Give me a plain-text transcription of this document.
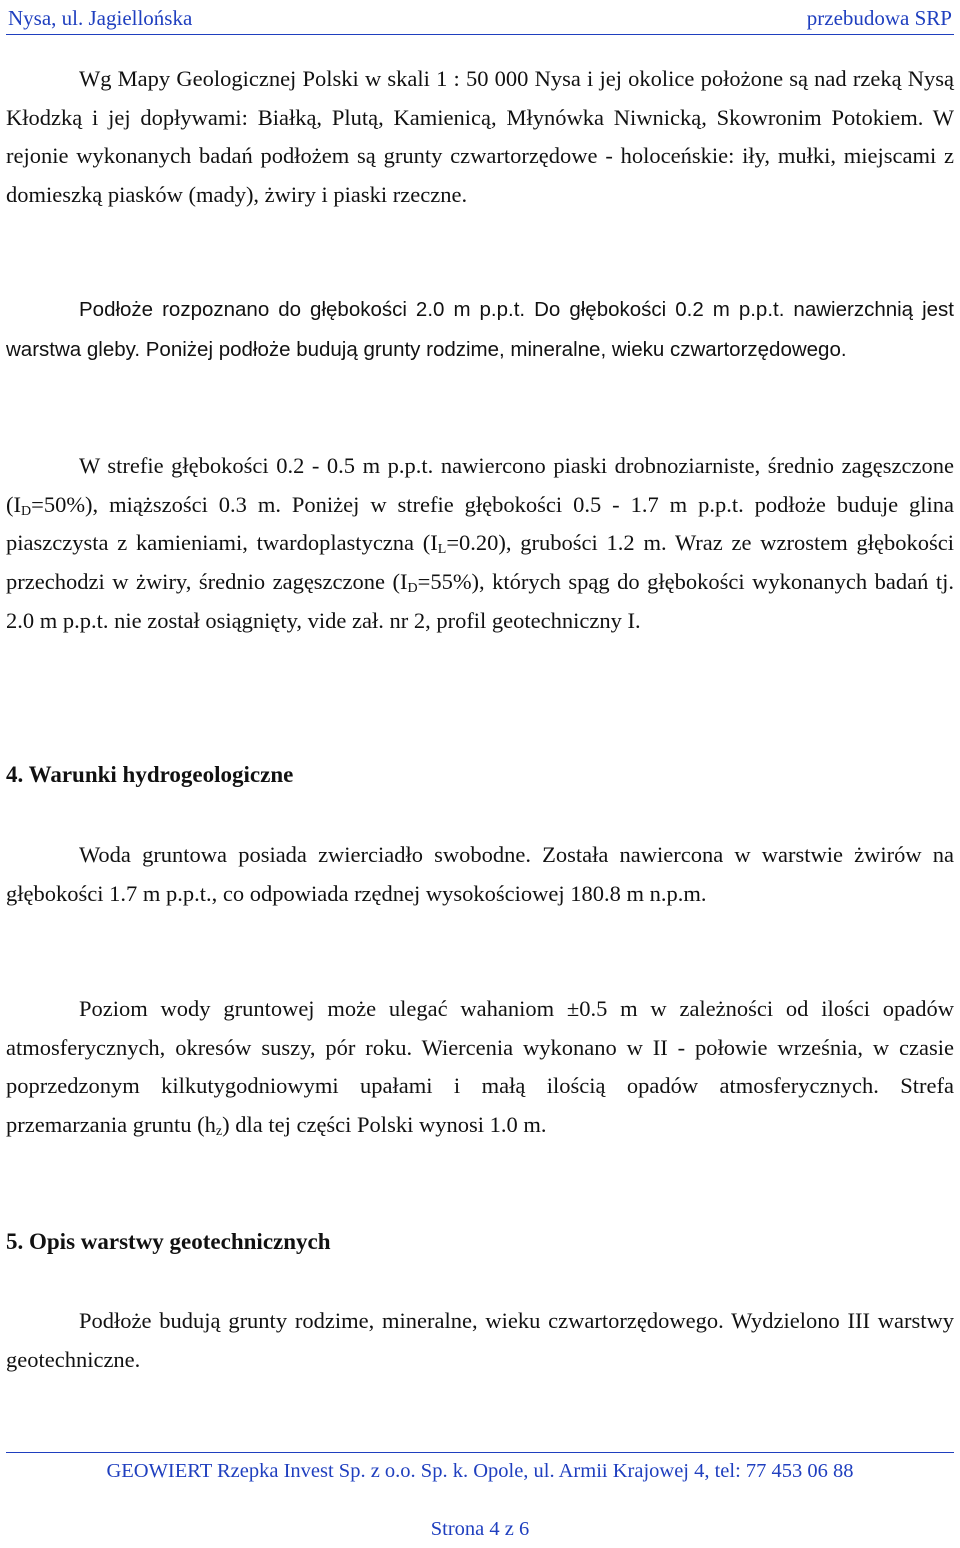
Nysa, ul. Jagiellońska	przebudowa SRP

Wg Mapy Geologicznej Polski w skali 1 : 50 000 Nysa i jej okolice położone są nad rzeką Nysą Kłodzką i jej dopływami: Białką, Plutą, Kamienicą, Młynówka Niwnicką, Skowronim Potokiem. W rejonie wykonanych badań podłożem są grunty czwartorzędowe - holoceńskie: iły, mułki, miejscami z domieszką piasków (mady), żwiry i piaski rzeczne.

Podłoże rozpoznano do głębokości 2.0 m p.p.t. Do głębokości 0.2 m p.p.t. nawierzchnią jest warstwa gleby. Poniżej podłoże budują grunty rodzime, mineralne, wieku czwartorzędowego.

W strefie głębokości 0.2 - 0.5 m p.p.t. nawiercono piaski drobnoziarniste, średnio zagęszczone $(I_D=50\%)$, miąższości 0.3 m. Poniżej w strefie głębokości 0.5 - 1.7 m p.p.t. podłoże buduje glina piaszczysta z kamieniami, twardoplastyczna $(I_L=0.20)$, grubości 1.2 m. Wraz ze wzrostem głębokości przechodzi w żwiry, średnio zagęszczone $(I_D=55\%)$, których spąg do głębokości wykonanych badań tj. 2.0 m p.p.t. nie został osiągnięty, vide zał. nr 2, profil geotechniczny I.

4. Warunki hydrogeologiczne

Woda gruntowa posiada zwierciadło swobodne. Została nawiercona w warstwie żwirów na głębokości 1.7 m p.p.t., co odpowiada rzędnej wysokościowej 180.8 m n.p.m.

Poziom wody gruntowej może ulegać wahaniom ±0.5 m w zależności od ilości opadów atmosferycznych, okresów suszy, pór roku. Wiercenia wykonano w II - połowie września, w czasie poprzedzonym kilkutygodniowymi upałami i małą ilością opadów atmosferycznych. Strefa przemarzania gruntu $(h_z)$ dla tej części Polski wynosi 1.0 m.

5. Opis warstwy geotechnicznych

Podłoże budują grunty rodzime, mineralne, wieku czwartorzędowego. Wydzielono III warstwy geotechniczne.

GEOWIERT Rzepka Invest Sp. z o.o. Sp. k. Opole, ul. Armii Krajowej 4, tel: 77 453 06 88
Strona 4 z 6
